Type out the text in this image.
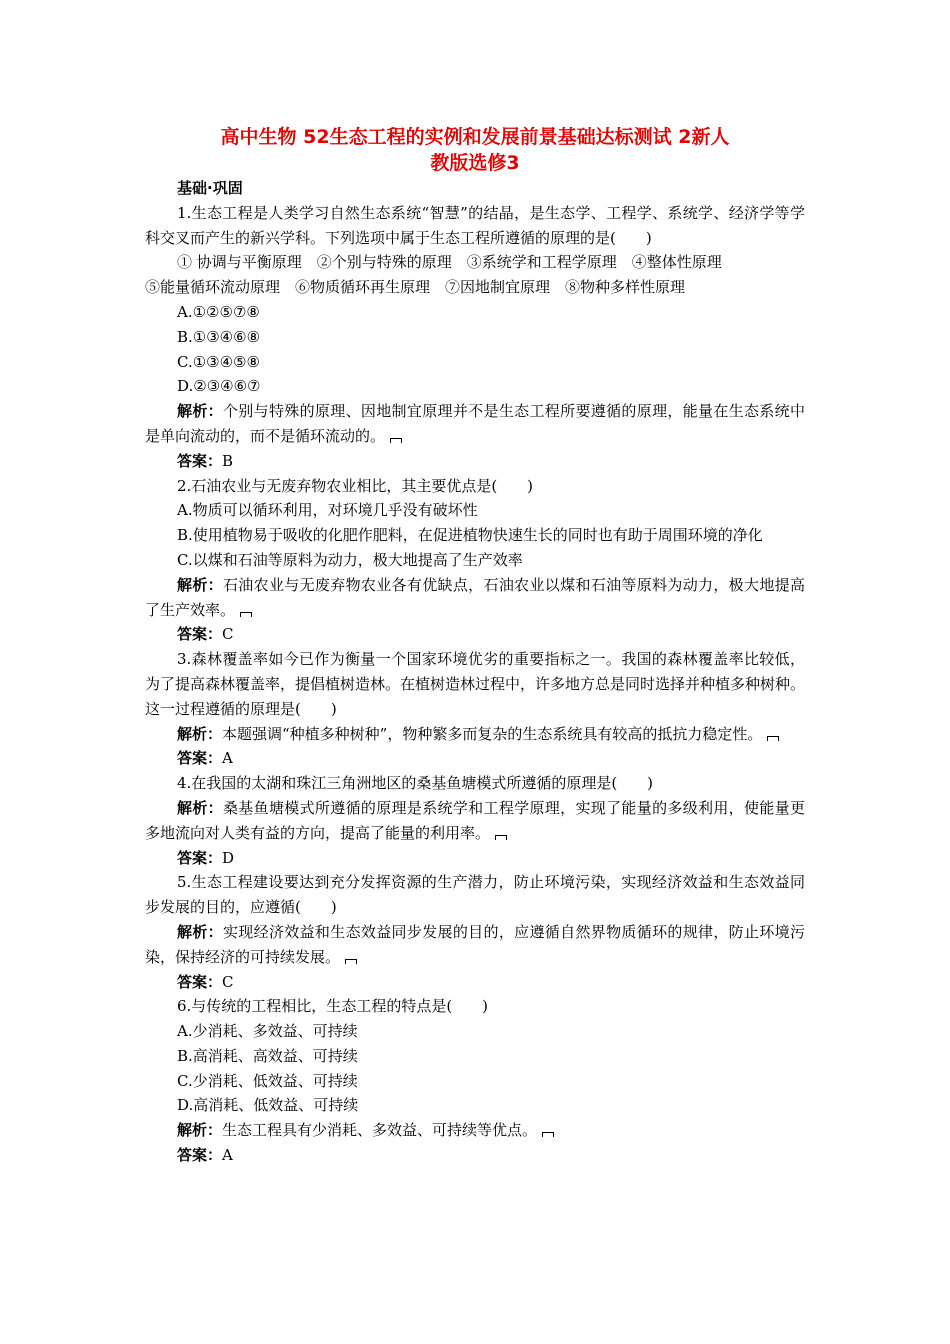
高中生物 52生态工程的实例和发展前景基础达标测试 2新人
教版选修3

基础·巩固

1.生态工程是人类学习自然生态系统“智慧”的结晶，是生态学、工程学、系统学、经济学等学科交叉而产生的新兴学科。下列选项中属于生态工程所遵循的原理的是(　　)

① 协调与平衡原理　②个别与特殊的原理　③系统学和工程学原理　④整体性原理

⑤能量循环流动原理　⑥物质循环再生原理　⑦因地制宜原理　⑧物种多样性原理

A.①②⑤⑦⑧

B.①③④⑥⑧

C.①③④⑤⑧

D.②③④⑥⑦

解析：个别与特殊的原理、因地制宜原理并不是生态工程所要遵循的原理，能量在生态系统中是单向流动的，而不是循环流动的。

答案：B

2.石油农业与无废弃物农业相比，其主要优点是(　　)

A.物质可以循环利用，对环境几乎没有破坏性

B.使用植物易于吸收的化肥作肥料，在促进植物快速生长的同时也有助于周围环境的净化

C.以煤和石油等原料为动力，极大地提高了生产效率

解析：石油农业与无废弃物农业各有优缺点，石油农业以煤和石油等原料为动力，极大地提高了生产效率。

答案：C

3.森林覆盖率如今已作为衡量一个国家环境优劣的重要指标之一。我国的森林覆盖率比较低，为了提高森林覆盖率，提倡植树造林。在植树造林过程中，许多地方总是同时选择并种植多种树种。这一过程遵循的原理是(　　)

解析：本题强调“种植多种树种”，物种繁多而复杂的生态系统具有较高的抵抗力稳定性。

答案：A

4.在我国的太湖和珠江三角洲地区的桑基鱼塘模式所遵循的原理是(　　)

解析：桑基鱼塘模式所遵循的原理是系统学和工程学原理，实现了能量的多级利用，使能量更多地流向对人类有益的方向，提高了能量的利用率。

答案：D

5.生态工程建设要达到充分发挥资源的生产潜力，防止环境污染，实现经济效益和生态效益同步发展的目的，应遵循(　　)

解析：实现经济效益和生态效益同步发展的目的，应遵循自然界物质循环的规律，防止环境污染，保持经济的可持续发展。

答案：C

6.与传统的工程相比，生态工程的特点是(　　)

A.少消耗、多效益、可持续

B.高消耗、高效益、可持续

C.少消耗、低效益、可持续

D.高消耗、低效益、可持续

解析：生态工程具有少消耗、多效益、可持续等优点。

答案：A
